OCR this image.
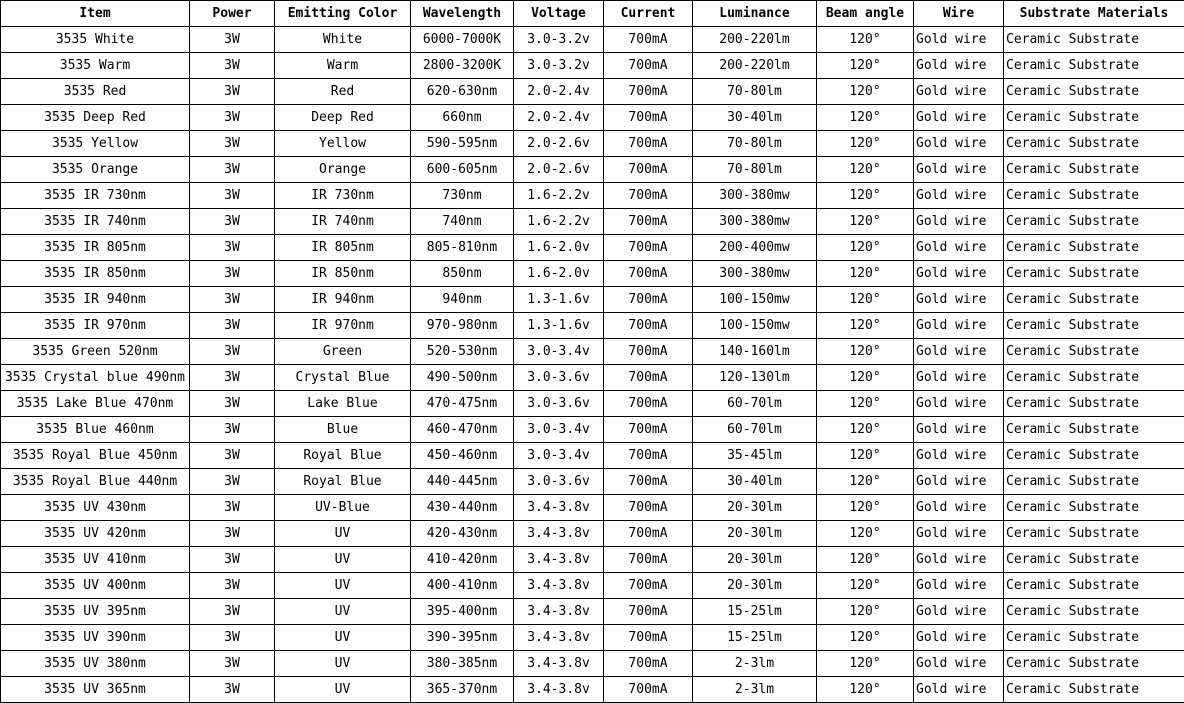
Item	Power	Emitting Color	Wavelength	Voltage	Current	Luminance	Beam angle	Wire	Substrate Materials
3535 White	3W	White	6000-7000K	3.0-3.2v	700mA	200-220lm	120°	Gold wire	Ceramic Substrate
3535 Warm	3W	Warm	2800-3200K	3.0-3.2v	700mA	200-220lm	120°	Gold wire	Ceramic Substrate
3535 Red	3W	Red	620-630nm	2.0-2.4v	700mA	70-80lm	120°	Gold wire	Ceramic Substrate
3535 Deep Red	3W	Deep Red	660nm	2.0-2.4v	700mA	30-40lm	120°	Gold wire	Ceramic Substrate
3535 Yellow	3W	Yellow	590-595nm	2.0-2.6v	700mA	70-80lm	120°	Gold wire	Ceramic Substrate
3535 Orange	3W	Orange	600-605nm	2.0-2.6v	700mA	70-80lm	120°	Gold wire	Ceramic Substrate
3535 IR 730nm	3W	IR 730nm	730nm	1.6-2.2v	700mA	300-380mw	120°	Gold wire	Ceramic Substrate
3535 IR 740nm	3W	IR 740nm	740nm	1.6-2.2v	700mA	300-380mw	120°	Gold wire	Ceramic Substrate
3535 IR 805nm	3W	IR 805nm	805-810nm	1.6-2.0v	700mA	200-400mw	120°	Gold wire	Ceramic Substrate
3535 IR 850nm	3W	IR 850nm	850nm	1.6-2.0v	700mA	300-380mw	120°	Gold wire	Ceramic Substrate
3535 IR 940nm	3W	IR 940nm	940nm	1.3-1.6v	700mA	100-150mw	120°	Gold wire	Ceramic Substrate
3535 IR 970nm	3W	IR 970nm	970-980nm	1.3-1.6v	700mA	100-150mw	120°	Gold wire	Ceramic Substrate
3535 Green 520nm	3W	Green	520-530nm	3.0-3.4v	700mA	140-160lm	120°	Gold wire	Ceramic Substrate
3535 Crystal blue 490nm	3W	Crystal Blue	490-500nm	3.0-3.6v	700mA	120-130lm	120°	Gold wire	Ceramic Substrate
3535 Lake Blue 470nm	3W	Lake Blue	470-475nm	3.0-3.6v	700mA	60-70lm	120°	Gold wire	Ceramic Substrate
3535 Blue 460nm	3W	Blue	460-470nm	3.0-3.4v	700mA	60-70lm	120°	Gold wire	Ceramic Substrate
3535 Royal Blue 450nm	3W	Royal Blue	450-460nm	3.0-3.4v	700mA	35-45lm	120°	Gold wire	Ceramic Substrate
3535 Royal Blue 440nm	3W	Royal Blue	440-445nm	3.0-3.6v	700mA	30-40lm	120°	Gold wire	Ceramic Substrate
3535 UV 430nm	3W	UV-Blue	430-440nm	3.4-3.8v	700mA	20-30lm	120°	Gold wire	Ceramic Substrate
3535 UV 420nm	3W	UV	420-430nm	3.4-3.8v	700mA	20-30lm	120°	Gold wire	Ceramic Substrate
3535 UV 410nm	3W	UV	410-420nm	3.4-3.8v	700mA	20-30lm	120°	Gold wire	Ceramic Substrate
3535 UV 400nm	3W	UV	400-410nm	3.4-3.8v	700mA	20-30lm	120°	Gold wire	Ceramic Substrate
3535 UV 395nm	3W	UV	395-400nm	3.4-3.8v	700mA	15-25lm	120°	Gold wire	Ceramic Substrate
3535 UV 390nm	3W	UV	390-395nm	3.4-3.8v	700mA	15-25lm	120°	Gold wire	Ceramic Substrate
3535 UV 380nm	3W	UV	380-385nm	3.4-3.8v	700mA	2-3lm	120°	Gold wire	Ceramic Substrate
3535 UV 365nm	3W	UV	365-370nm	3.4-3.8v	700mA	2-3lm	120°	Gold wire	Ceramic Substrate
